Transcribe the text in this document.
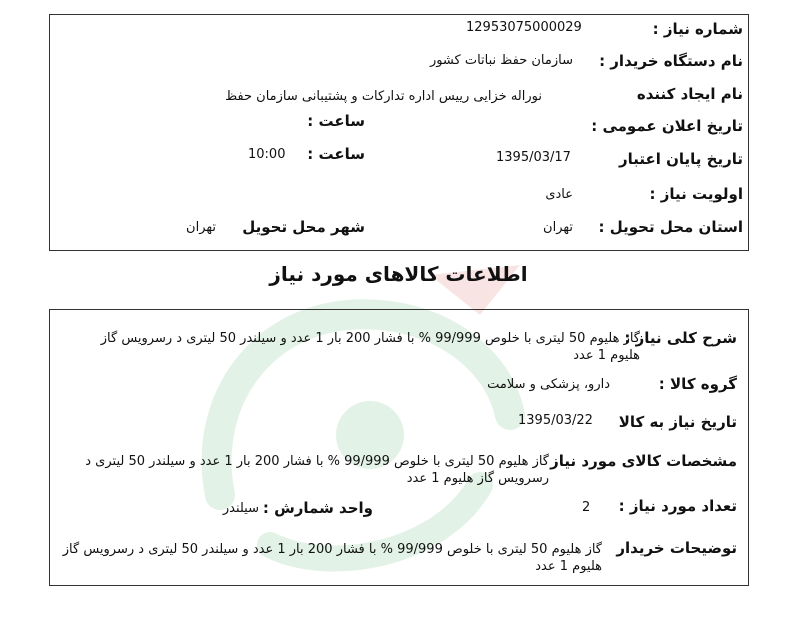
شماره نیاز :
12953075000029
نام دستگاه خریدار :
سازمان حفظ نباتات کشور
نام ایجاد کننده
نوراله خزایی رییس اداره تدارکات و پشتیبانی سازمان حفظ
تاریخ اعلان عمومی :
ساعت :
تاریخ پایان اعتبار
1395/03/17
ساعت :
10:00
اولویت نیاز :
عادی
استان محل تحویل :
تهران
شهر محل تحویل
تهران
اطلاعات کالاهای مورد نیاز
شرح کلی نیاز :
گاز هلیوم 50 لیتری با خلوص 99/999 % با فشار 200 بار 1 عدد و سیلندر 50 لیتری د رسرویس گاز هلیوم 1 عدد
گروه کالا :
دارو، پزشکی و سلامت
تاریخ نیاز به کالا
1395/03/22
مشخصات کالای مورد نیاز
گاز هلیوم 50 لیتری با خلوص 99/999 % با فشار 200 بار 1 عدد و سیلندر 50 لیتری د رسرویس گاز هلیوم 1 عدد
تعداد مورد نیاز :
2
واحد شمارش :
سیلندر
توضیحات خریدار
گاز هلیوم 50 لیتری با خلوص 99/999 % با فشار 200 بار 1 عدد و سیلندر 50 لیتری د رسرویس گاز هلیوم 1 عدد
